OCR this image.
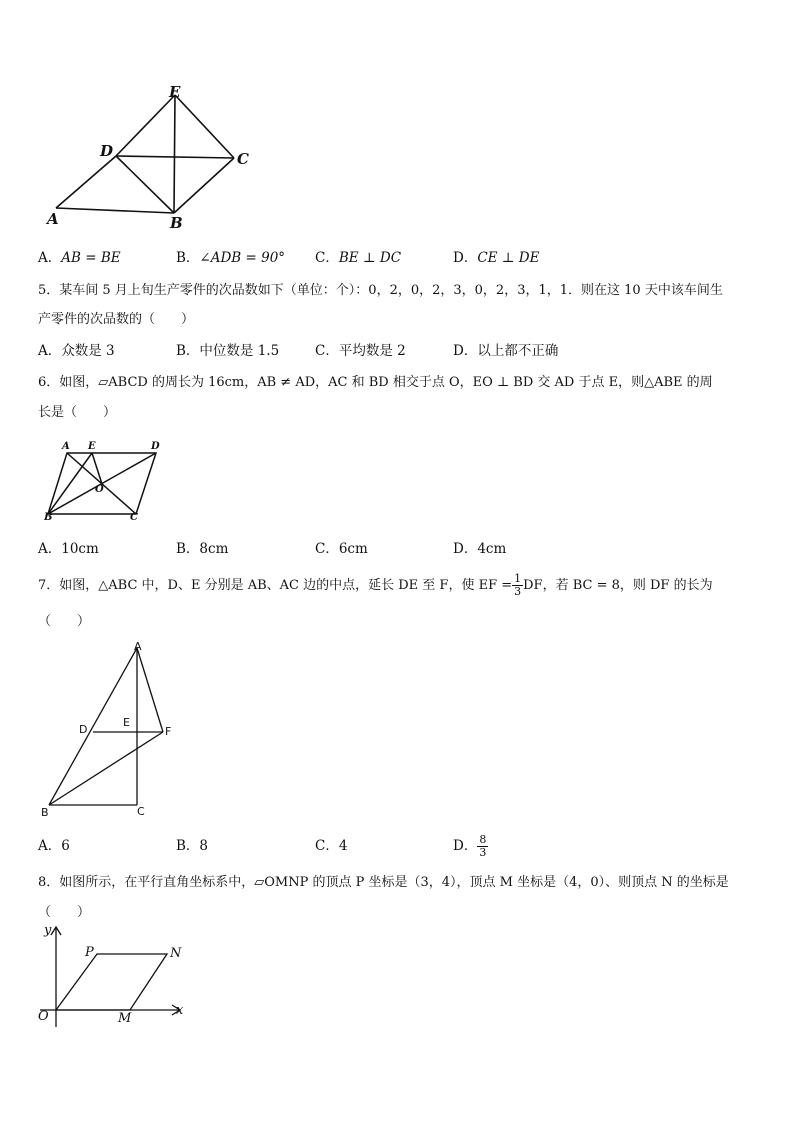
E
D	C
A	B
A．AB = BE	B．∠ADB = 90° C．BE ⊥ DC	D．CE ⊥ DE
5．某车间 5 月上旬生产零件的次品数如下（单位：个）：0，2，0，2，3，0，2，3，1，1．则在这 10 天中该车间生
产零件的次品数的（　　）
A．众数是 3	B．中位数是 1.5	C．平均数是 2	D．以上都不正确
6．如图，▱ABCD 的周长为 16cm，AB ≠ AD，AC 和 BD 相交于点 O，EO ⊥ BD 交 AD 于点 E，则△ABE 的周
长是（　　）
A E	D
O
B	C
A．10cm	B．8cm	C．6cm	D．4cm
7．如图，△ABC 中，D、E 分别是 AB、AC 边的中点，延长 DE 至 F，使 EF = $\frac{1}{3}$ DF，若 BC = 8，则 DF 的长为
（　　）
A
D
E
F
B	C
A．6	B．8	C．4	D． $\frac{8}{3}$
8．如图所示，在平行直角坐标系中，▱OMNP 的顶点 P 坐标是（3，4），顶点 M 坐标是（4，0）、则顶点 N 的坐标是
（　　）
y
P	N
O	M
x
